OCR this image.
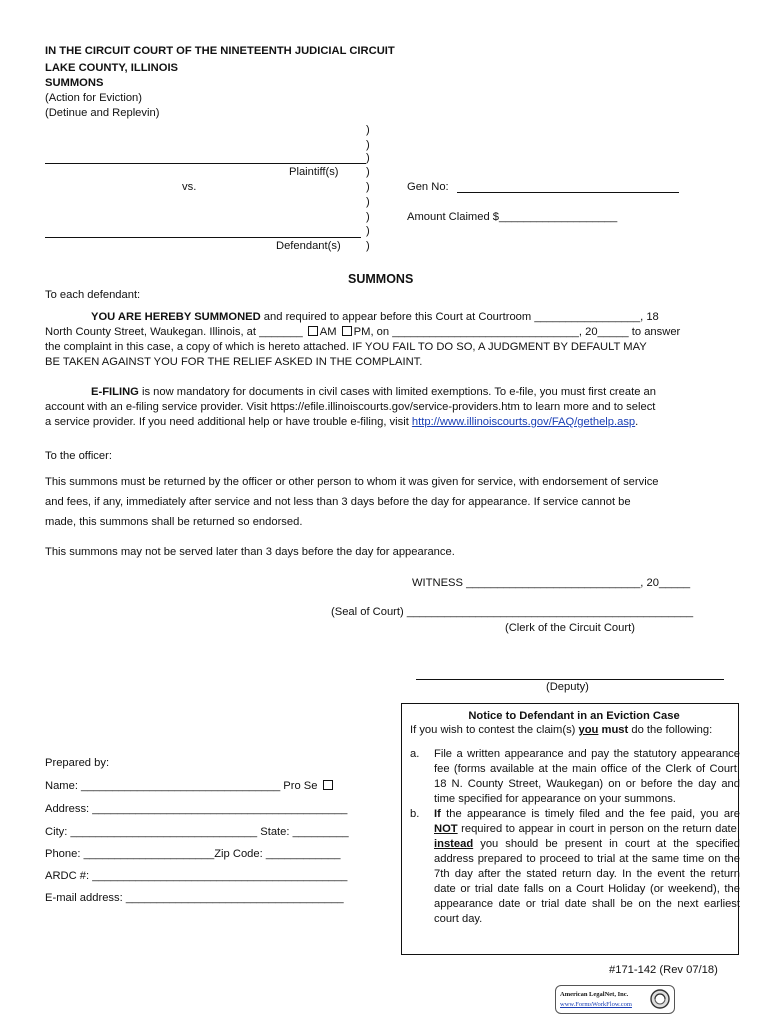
IN THE CIRCUIT COURT OF THE NINETEENTH JUDICIAL CIRCUIT
LAKE COUNTY, ILLINOIS
SUMMONS
(Action for Eviction)
(Detinue and Replevin)
)
)
)
)
)
)
)
)
)
Plaintiff(s)
vs.
Defendant(s)
Gen No:
Amount Claimed $___________________
SUMMONS
To each defendant:
YOU ARE HEREBY SUMMONED and required to appear before this Court at Courtroom _________________, 18
North County Street, Waukegan. Illinois, at _______ AM PM, on ______________________________, 20_____ to answer
the complaint in this case, a copy of which is hereto attached. IF YOU FAIL TO DO SO, A JUDGMENT BY DEFAULT MAY
BE TAKEN AGAINST YOU FOR THE RELIEF ASKED IN THE COMPLAINT.
E-FILING is now mandatory for documents in civil cases with limited exemptions. To e-file, you must first create an
account with an e-filing service provider. Visit https://efile.illinoiscourts.gov/service-providers.htm to learn more and to select
a service provider. If you need additional help or have trouble e-filing, visit http://www.illinoiscourts.gov/FAQ/gethelp.asp.
To the officer:
This summons must be returned by the officer or other person to whom it was given for service, with endorsement of service
and fees, if any, immediately after service and not less than 3 days before the day for appearance. If service cannot be
made, this summons shall be returned so endorsed.
This summons may not be served later than 3 days before the day for appearance.
WITNESS ____________________________, 20_____
(Seal of Court) ______________________________________________
(Clerk of the Circuit Court)
(Deputy)
Notice to Defendant in an Eviction Case
If you wish to contest the claim(s) you must do the following:
a. File a written appearance and pay the statutory appearance fee (forms available at the main office of the Clerk of Court, 18 N. County Street, Waukegan) on or before the day and time specified for appearance on your summons.
b. If the appearance is timely filed and the fee paid, you are NOT required to appear in court in person on the return date, instead you should be present in court at the specified address prepared to proceed to trial at the same time on the 7th day after the stated return day. In the event the return date or trial date falls on a Court Holiday (or weekend), the appearance date or trial date shall be on the next earliest court day.
Prepared by:
Name: ________________________________ Pro Se
Address: _________________________________________
City: ______________________________ State: _________
Phone: _____________________Zip Code: ____________
ARDC #: _________________________________________
E-mail address: ___________________________________
#171-142 (Rev 07/18)
American LegalNet, Inc.
www.FormsWorkFlow.com
